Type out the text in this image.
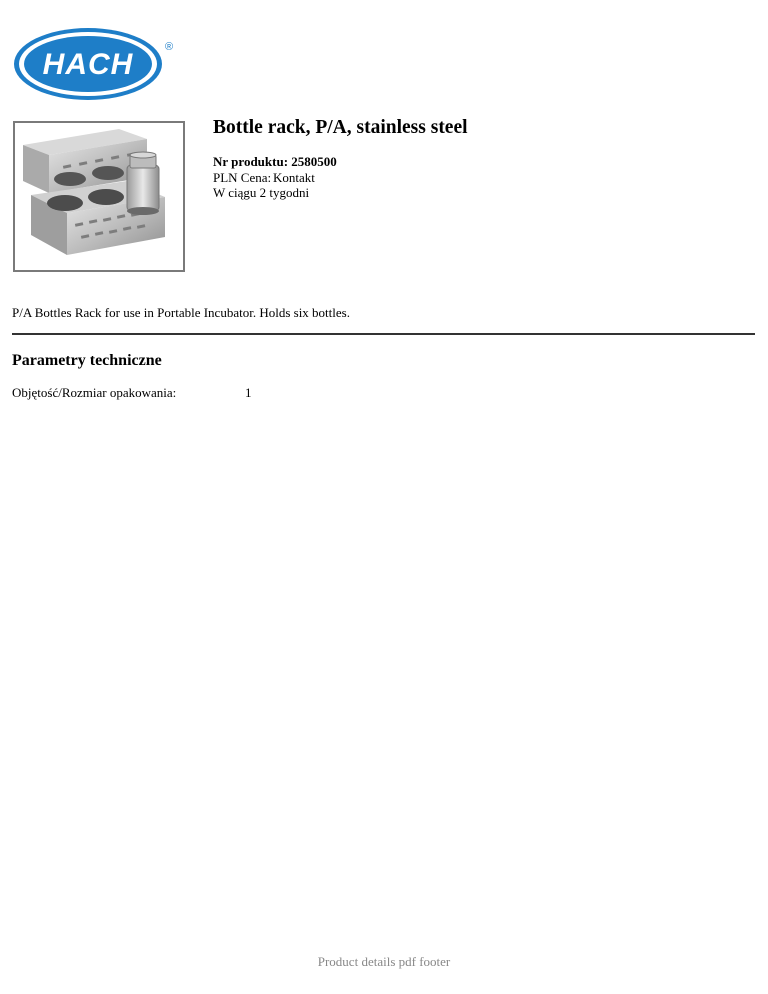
HACH
®
Bottle rack, P/A, stainless steel
Nr produktu: 2580500
PLN Cena: Kontakt
W ciągu 2 tygodni
P/A Bottles Rack for use in Portable Incubator. Holds six bottles.
Parametry techniczne
Objętość/Rozmiar opakowania:	1
Product details pdf footer
